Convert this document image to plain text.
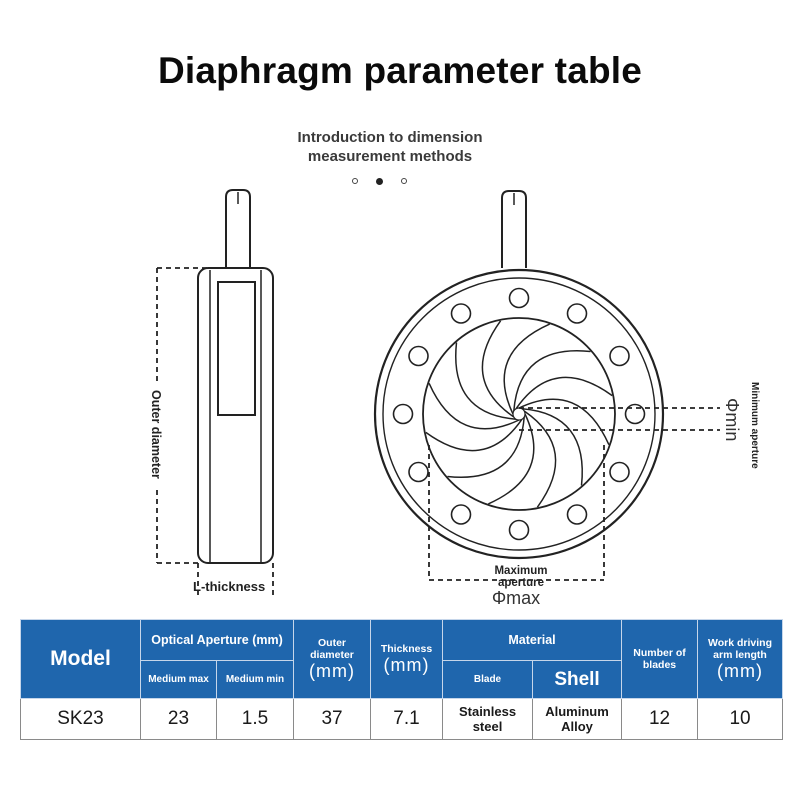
Diaphragm parameter table
Introduction to dimension
measurement methods
Outer diameter
L-thickness
Φmin Minimum aperture
Maximum
aperture
Φmax
Model	Optical Aperture (mm)		Outer
diameter
(mm)	Thickness
(mm)	Material		Number of
blades	Work driving
arm length
(mm)

	Medium max	Medium min			Blade	Shell		
SK23	23	1.5	37	7.1	Stainless
steel	Aluminum
Alloy	12	10
